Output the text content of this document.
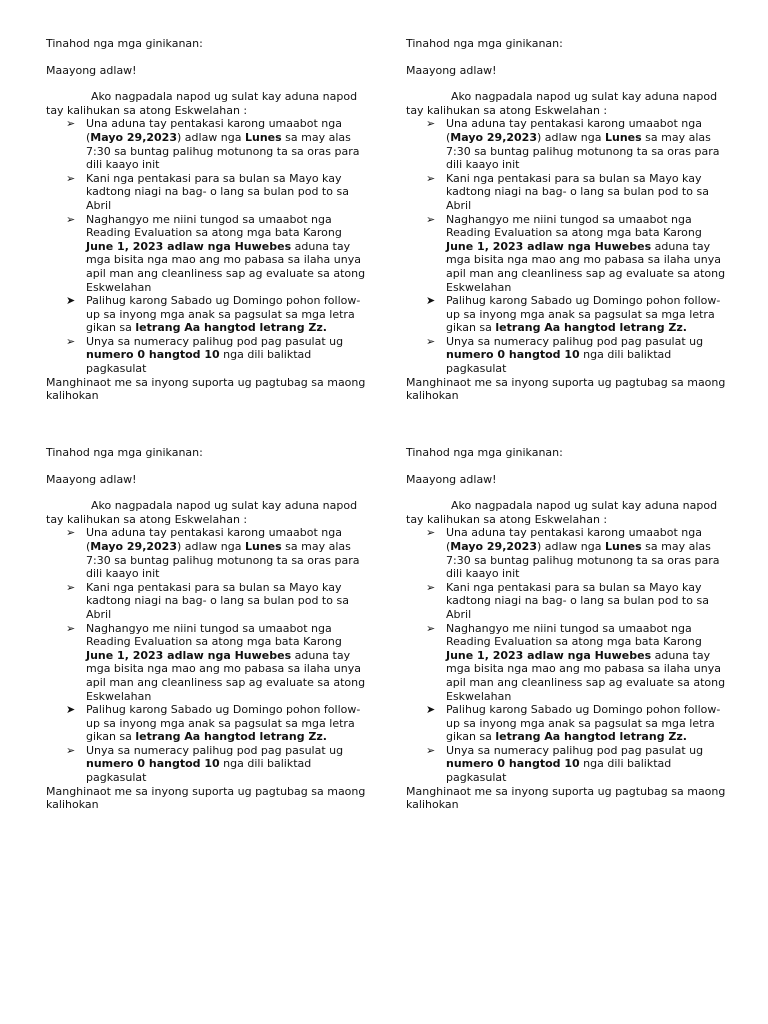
Tinahod nga mga ginikanan:

Maayong adlaw!

Ako nagpadala napod ug sulat kay aduna napod tay kalihukan sa atong Eskwelahan :

➢ Una aduna tay pentakasi karong umaabot nga (Mayo 29,2023) adlaw nga Lunes sa may alas 7:30 sa buntag palihug motunong ta sa oras para dili kaayo init
➢ Kani nga pentakasi para sa bulan sa Mayo kay kadtong niagi na bag- o lang sa bulan pod to sa Abril
➢ Naghangyo me niini tungod sa umaabot nga Reading Evaluation sa atong mga bata Karong June 1, 2023 adlaw nga Huwebes aduna tay mga bisita nga mao ang mo pabasa sa ilaha unya apil man ang cleanliness sap ag evaluate sa atong Eskwelahan
➤ Palihug karong Sabado ug Domingo pohon follow-up sa inyong mga anak sa pagsulat sa mga letra gikan sa letrang Aa hangtod letrang Zz.
➢ Unya sa numeracy palihug pod pag pasulat ug numero 0 hangtod 10 nga dili baliktad pagkasulat

Manghinaot me sa inyong suporta ug pagtubag sa maong kalihokan

Tinahod nga mga ginikanan:

Maayong adlaw!

Ako nagpadala napod ug sulat kay aduna napod tay kalihukan sa atong Eskwelahan :

➢ Una aduna tay pentakasi karong umaabot nga (Mayo 29,2023) adlaw nga Lunes sa may alas 7:30 sa buntag palihug motunong ta sa oras para dili kaayo init
➢ Kani nga pentakasi para sa bulan sa Mayo kay kadtong niagi na bag- o lang sa bulan pod to sa Abril
➢ Naghangyo me niini tungod sa umaabot nga Reading Evaluation sa atong mga bata Karong June 1, 2023 adlaw nga Huwebes aduna tay mga bisita nga mao ang mo pabasa sa ilaha unya apil man ang cleanliness sap ag evaluate sa atong Eskwelahan
➤ Palihug karong Sabado ug Domingo pohon follow-up sa inyong mga anak sa pagsulat sa mga letra gikan sa letrang Aa hangtod letrang Zz.
➢ Unya sa numeracy palihug pod pag pasulat ug numero 0 hangtod 10 nga dili baliktad pagkasulat

Manghinaot me sa inyong suporta ug pagtubag sa maong kalihokan

Tinahod nga mga ginikanan:

Maayong adlaw!

Ako nagpadala napod ug sulat kay aduna napod tay kalihukan sa atong Eskwelahan :

➢ Una aduna tay pentakasi karong umaabot nga (Mayo 29,2023) adlaw nga Lunes sa may alas 7:30 sa buntag palihug motunong ta sa oras para dili kaayo init
➢ Kani nga pentakasi para sa bulan sa Mayo kay kadtong niagi na bag- o lang sa bulan pod to sa Abril
➢ Naghangyo me niini tungod sa umaabot nga Reading Evaluation sa atong mga bata Karong June 1, 2023 adlaw nga Huwebes aduna tay mga bisita nga mao ang mo pabasa sa ilaha unya apil man ang cleanliness sap ag evaluate sa atong Eskwelahan
➤ Palihug karong Sabado ug Domingo pohon follow-up sa inyong mga anak sa pagsulat sa mga letra gikan sa letrang Aa hangtod letrang Zz.
➢ Unya sa numeracy palihug pod pag pasulat ug numero 0 hangtod 10 nga dili baliktad pagkasulat

Manghinaot me sa inyong suporta ug pagtubag sa maong kalihokan

Tinahod nga mga ginikanan:

Maayong adlaw!

Ako nagpadala napod ug sulat kay aduna napod tay kalihukan sa atong Eskwelahan :

➢ Una aduna tay pentakasi karong umaabot nga (Mayo 29,2023) adlaw nga Lunes sa may alas 7:30 sa buntag palihug motunong ta sa oras para dili kaayo init
➢ Kani nga pentakasi para sa bulan sa Mayo kay kadtong niagi na bag- o lang sa bulan pod to sa Abril
➢ Naghangyo me niini tungod sa umaabot nga Reading Evaluation sa atong mga bata Karong June 1, 2023 adlaw nga Huwebes aduna tay mga bisita nga mao ang mo pabasa sa ilaha unya apil man ang cleanliness sap ag evaluate sa atong Eskwelahan
➤ Palihug karong Sabado ug Domingo pohon follow-up sa inyong mga anak sa pagsulat sa mga letra gikan sa letrang Aa hangtod letrang Zz.
➢ Unya sa numeracy palihug pod pag pasulat ug numero 0 hangtod 10 nga dili baliktad pagkasulat

Manghinaot me sa inyong suporta ug pagtubag sa maong kalihokan
